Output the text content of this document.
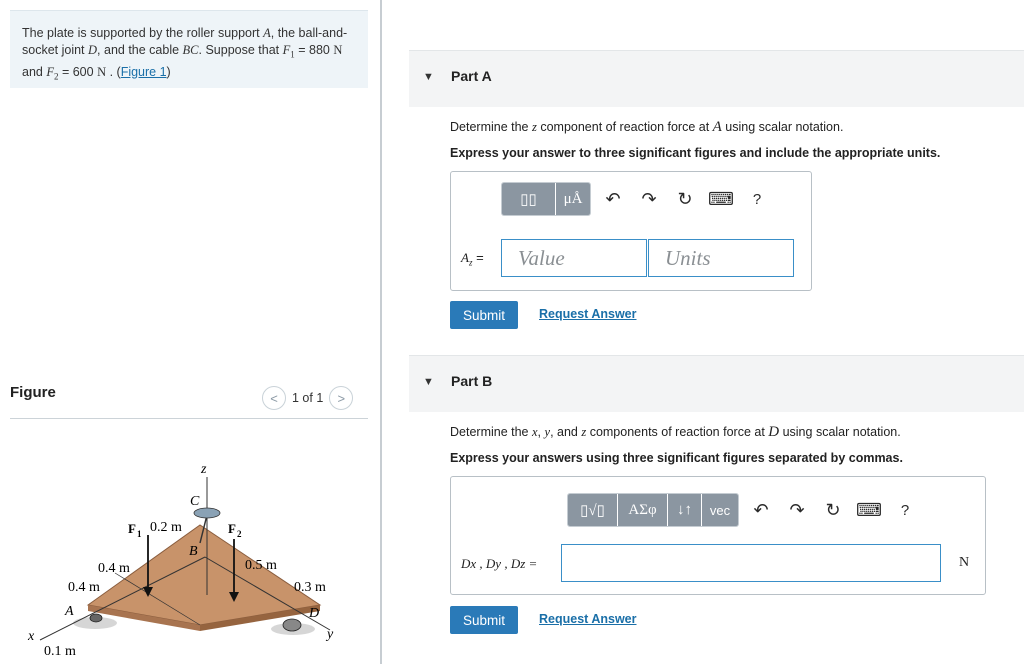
The plate is supported by the roller support A, the ball-and-socket joint D, and the cable BC. Suppose that $F_1 = 880$ N and $F_2 = 600$ N . (Figure 1)
Figure	< 1 of 1 >
z
C
B
D
A
x	y
F 1	F 2
0.2 m
0.4 m
0.4 m
0.5 m
0.3 m
0.1 m
▼ Part A
Determine the z component of reaction force at A using scalar notation.
Express your answer to three significant figures and include the appropriate units.
▯▯ μÅ ↶ ↷ ↻ ⌨ ?
$A_z$ =	Value	Units
Submit	Request Answer
▼ Part B
Determine the x, y, and z components of reaction force at D using scalar notation.
Express your answers using three significant figures separated by commas.
▯√▯ ΑΣφ ↓↑ vec ↶ ↷ ↻ ⌨ ?
Dx , Dy , Dz =	N
Submit	Request Answer
